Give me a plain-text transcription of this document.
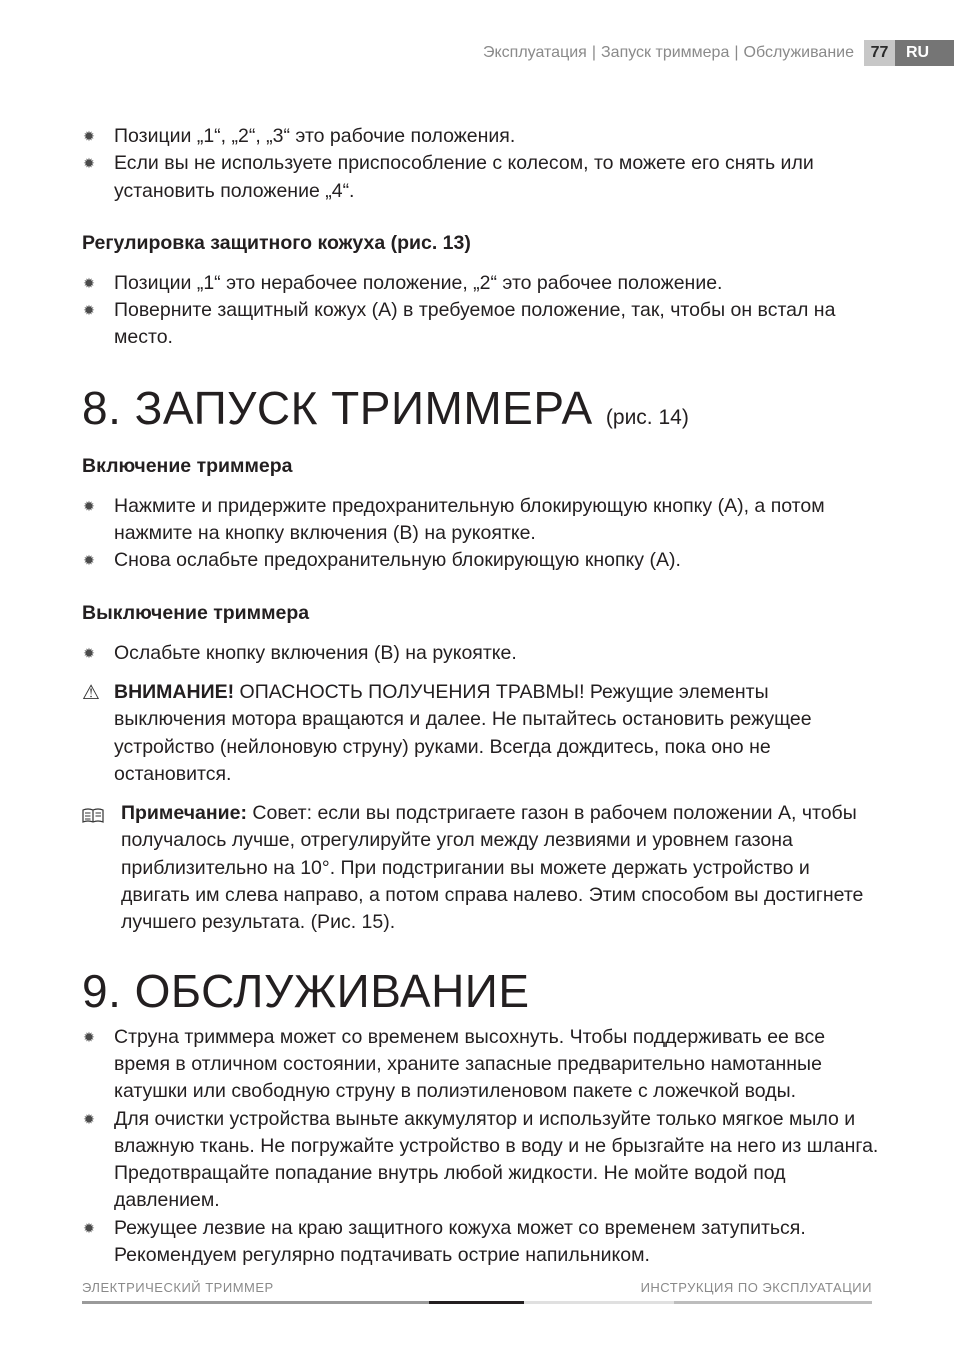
Эксплуатация | Запуск триммера | Обслуживание	77	RU
✹ Позиции „1“, „2“, „3“ это рабочие положения.
✹ Если вы не используете приспособление с колесом, то можете его снять или установить положение „4“.
Регулировка защитного кожуха (рис. 13)
✹ Позиции „1“ это нерабочее положение, „2“ это рабочее положение.
✹ Поверните защитный кожух (A) в требуемое положение, так, чтобы он встал на место.
8. ЗАПУСК ТРИММЕРА (рис. 14)
Включение триммера
✹ Нажмите и придержите предохранительную блокирующую кнопку (A), а потом нажмите на кнопку включения (B) на рукоятке.
✹ Снова ослабьте предохранительную блокирующую кнопку (A).
Выключение триммера
✹ Ослабьте кнопку включения (B) на рукоятке.
⚠ ВНИМАНИЕ! ОПАСНОСТЬ ПОЛУЧЕНИЯ ТРАВМЫ! Режущие элементы выключения мотора вращаются и далее. Не пытайтесь остановить режущее устройство (нейлоновую струну) руками. Всегда дождитесь, пока оно не остановится.
Примечание: Совет: если вы подстригаете газон в рабочем положении А, чтобы получалось лучше, отрегулируйте угол между лезвиями и уровнем газона приблизительно на 10°. При подстригании вы можете держать устройство и двигать им слева направо, а потом справа налево. Этим способом вы достигнете лучшего результата. (Рис. 15).
9. ОБСЛУЖИВАНИЕ
✹ Струна триммера может со временем высохнуть. Чтобы поддерживать ее все время в отличном состоянии, храните запасные предварительно намотанные катушки или свободную струну в полиэтиленовом пакете с ложечкой воды.
✹ Для очистки устройства выньте аккумулятор и используйте только мягкое мыло и влажную ткань. Не погружайте устройство в воду и не брызгайте на него из шланга. Предотвращайте попадание внутрь любой жидкости. Не мойте водой под давлением.
✹ Режущее лезвие на краю защитного кожуха может со временем затупиться. Рекомендуем регулярно подтачивать острие напильником.
ЭЛЕКТРИЧЕСКИЙ ТРИММЕР	ИНСТРУКЦИЯ ПО ЭКСПЛУАТАЦИИ
